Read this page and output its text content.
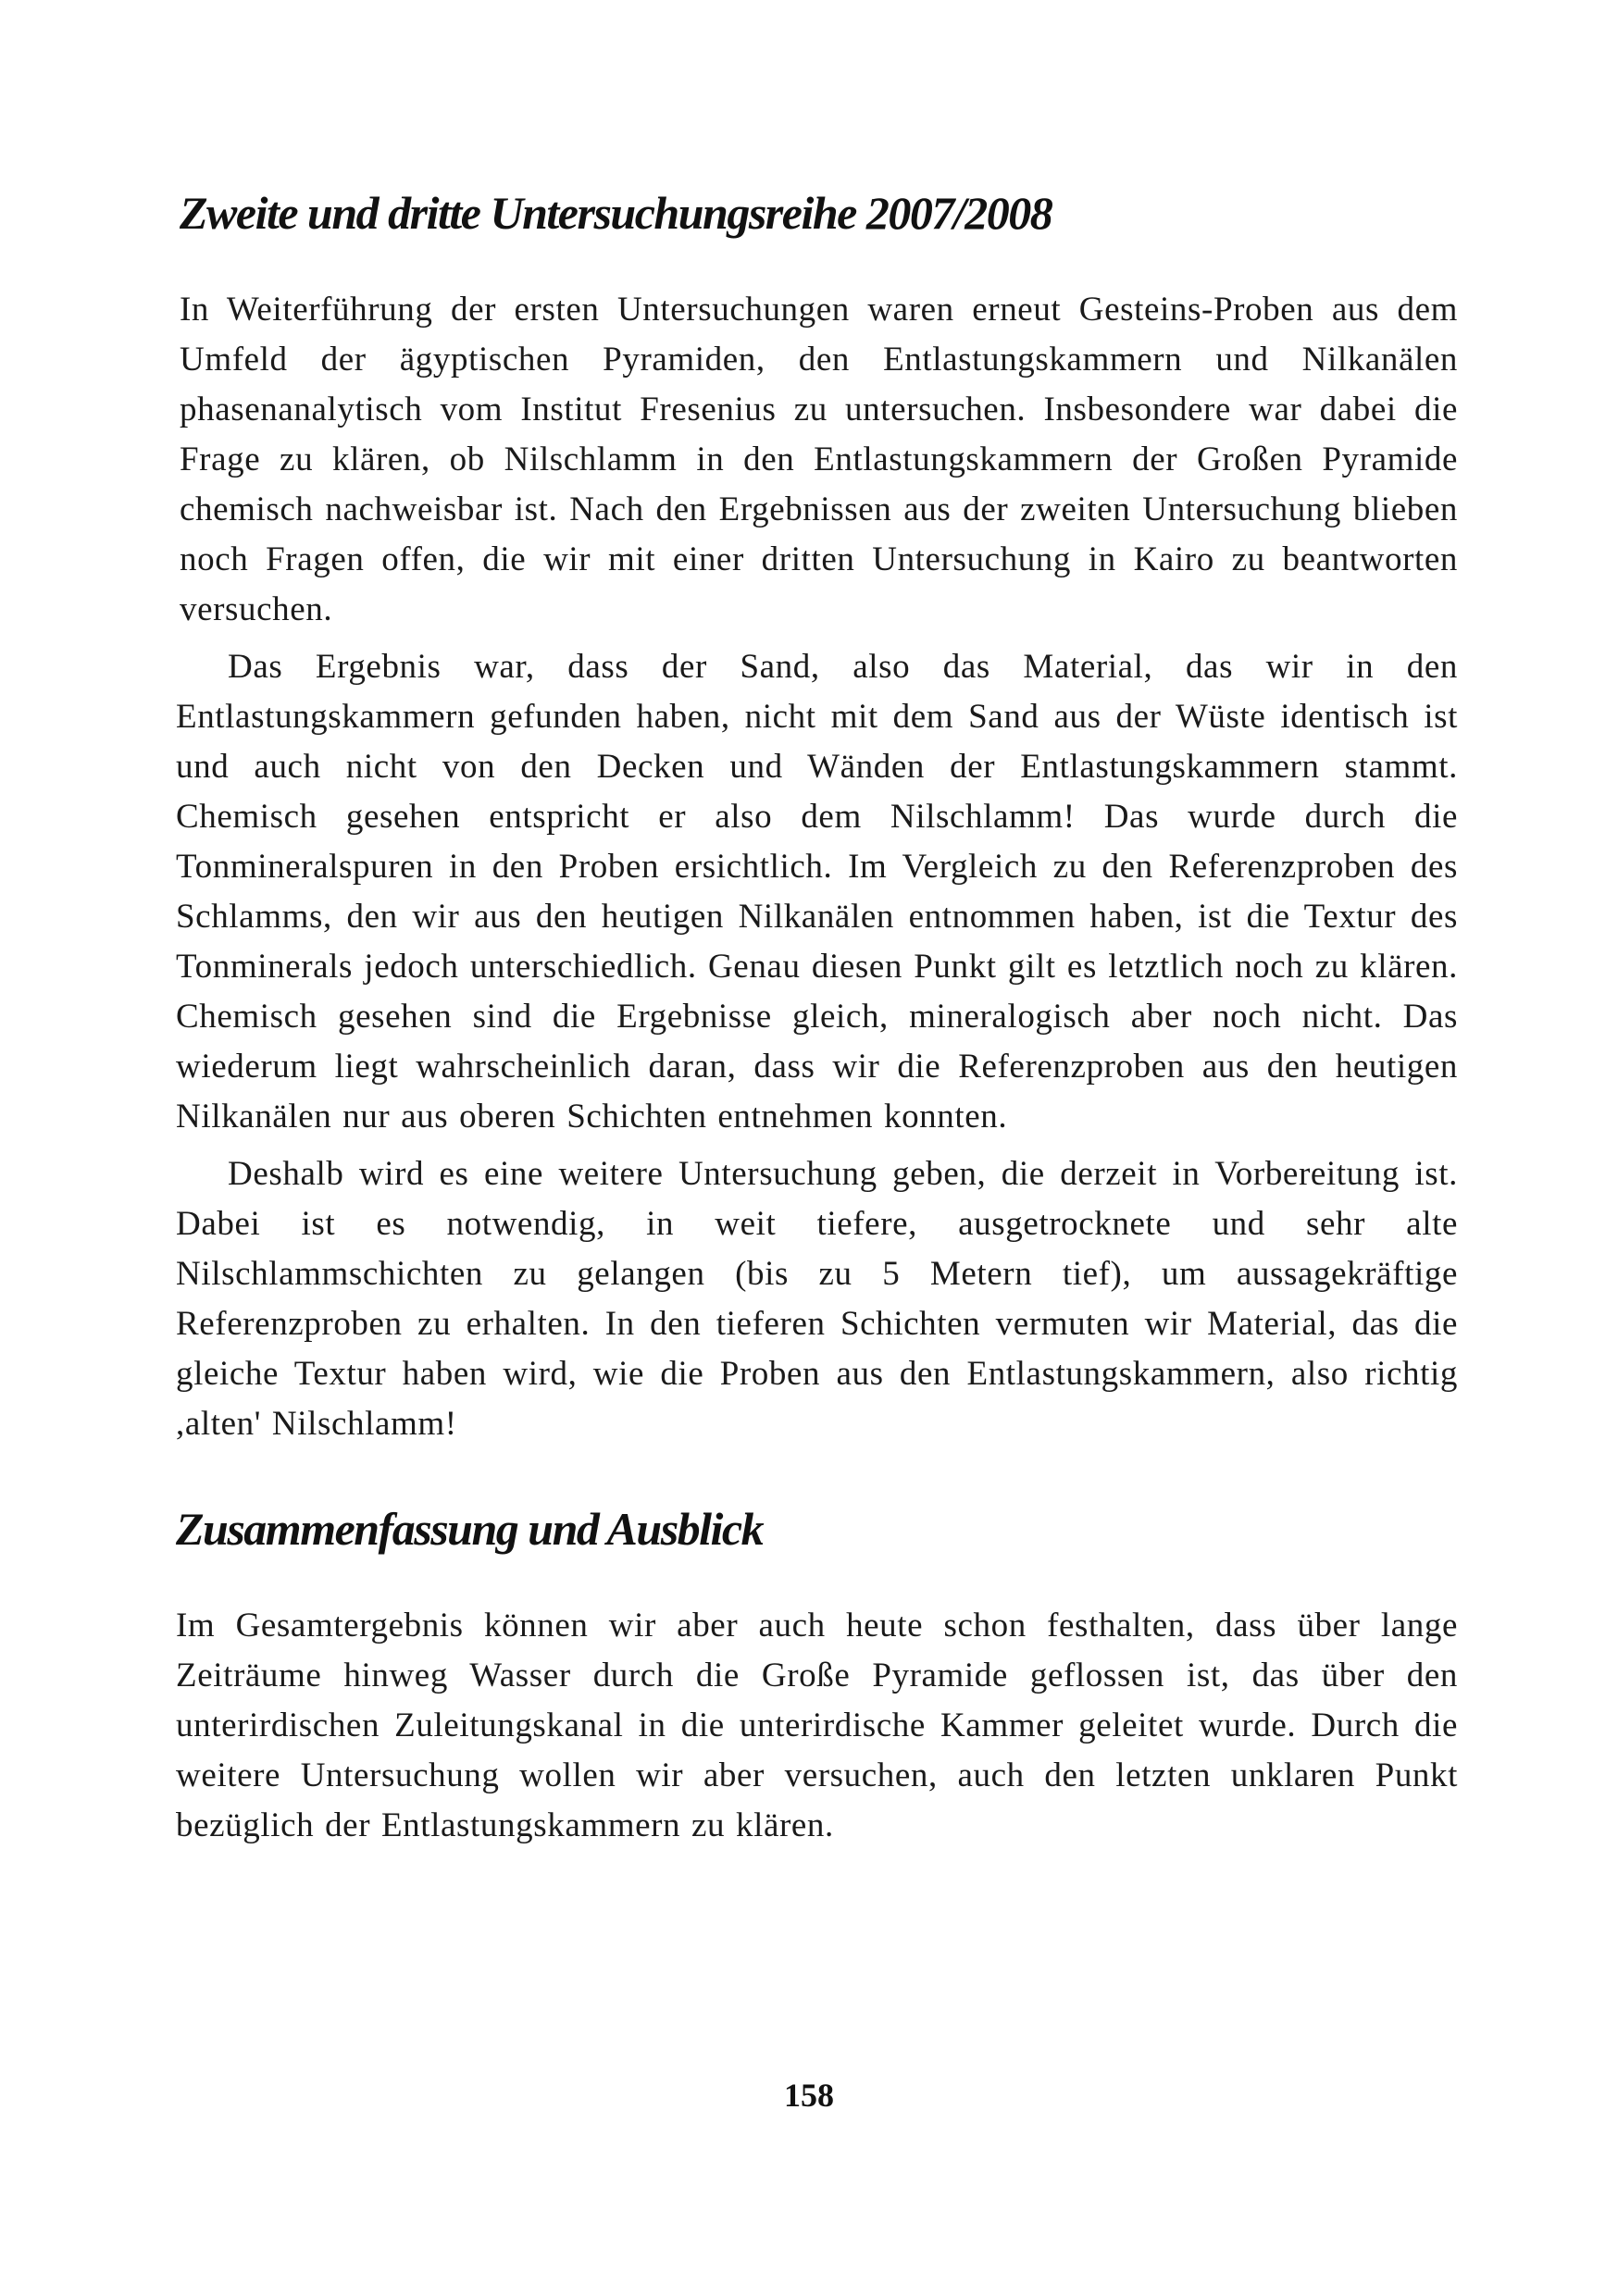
Zweite und dritte Untersuchungsreihe 2007/2008

In Weiterführung der ersten Untersuchungen waren erneut Gesteins-Proben aus dem Umfeld der ägyptischen Pyramiden, den Entlastungskammern und Nilkanälen phasenanalytisch vom Institut Fresenius zu untersuchen. Insbesondere war dabei die Frage zu klären, ob Nilschlamm in den Entlastungskammern der Großen Pyramide chemisch nachweisbar ist. Nach den Ergebnissen aus der zweiten Untersuchung blieben noch Fragen offen, die wir mit einer dritten Untersuchung in Kairo zu beantworten versuchen.

Das Ergebnis war, dass der Sand, also das Material, das wir in den Entlastungskammern gefunden haben, nicht mit dem Sand aus der Wüste identisch ist und auch nicht von den Decken und Wänden der Entlastungskammern stammt. Chemisch gesehen entspricht er also dem Nilschlamm! Das wurde durch die Tonmineralspuren in den Proben ersichtlich. Im Vergleich zu den Referenzproben des Schlamms, den wir aus den heutigen Nilkanälen entnommen haben, ist die Textur des Tonminerals jedoch unterschiedlich. Genau diesen Punkt gilt es letztlich noch zu klären. Chemisch gesehen sind die Ergebnisse gleich, mineralogisch aber noch nicht. Das wiederum liegt wahrscheinlich daran, dass wir die Referenzproben aus den heutigen Nilkanälen nur aus oberen Schichten entnehmen konnten.

Deshalb wird es eine weitere Untersuchung geben, die derzeit in Vorbereitung ist. Dabei ist es notwendig, in weit tiefere, ausgetrocknete und sehr alte Nilschlammschichten zu gelangen (bis zu 5 Metern tief), um aussagekräftige Referenzproben zu erhalten. In den tieferen Schichten vermuten wir Material, das die gleiche Textur haben wird, wie die Proben aus den Entlastungskammern, also richtig ,alten' Nilschlamm!

Zusammenfassung und Ausblick

Im Gesamtergebnis können wir aber auch heute schon festhalten, dass über lange Zeiträume hinweg Wasser durch die Große Pyramide geflossen ist, das über den unterirdischen Zuleitungskanal in die unterirdische Kammer geleitet wurde. Durch die weitere Untersuchung wollen wir aber versuchen, auch den letzten unklaren Punkt bezüglich der Entlastungskammern zu klären.

158
